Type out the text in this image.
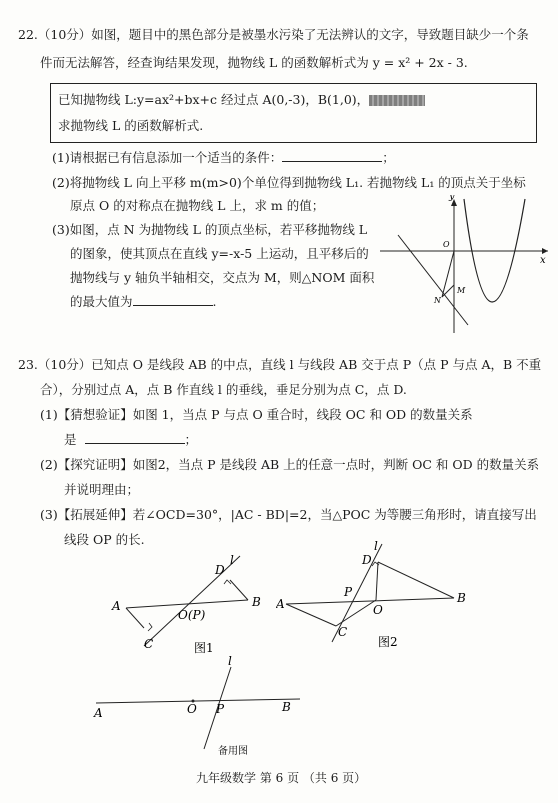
22.（10分）如图，题目中的黑色部分是被墨水污染了无法辨认的文字，导致题目缺少一个条
件而无法解答，经查询结果发现，抛物线 L 的函数解析式为 y = x² + 2x - 3.
已知抛物线 L:y=ax²+bx+c 经过点 A(0,-3)，B(1,0)，
求抛物线 L 的函数解析式.
(1)请根据已有信息添加一个适当的条件：	；
(2)将抛物线 L 向上平移 m(m>0)个单位得到抛物线 L₁. 若抛物线 L₁ 的顶点关于坐标
原点 O 的对称点在抛物线 L 上，求 m 的值；
(3)如图，点 N 为抛物线 L 的顶点坐标，若平移抛物线 L
的图象，使其顶点在直线 y=-x-5 上运动，且平移后的
抛物线与 y 轴负半轴相交，交点为 M，则△NOM 面积
的最大值为	.
y
O
x
M
N
23.（10分）已知点 O 是线段 AB 的中点，直线 l 与线段 AB 交于点 P（点 P 与点 A，B 不重
合），分别过点 A，点 B 作直线 l 的垂线，垂足分别为点 C，点 D.
(1)【猜想验证】如图 1，当点 P 与点 O 重合时，线段 OC 和 OD 的数量关系
是	；
(2)【探究证明】如图2，当点 P 是线段 AB 上的任意一点时，判断 OC 和 OD 的数量关系
并说明理由；
(3)【拓展延伸】若∠OCD=30°，|AC - BD|=2，当△POC 为等腰三角形时，请直接写出
线段 OP 的长.
l
D
A
O(P)
B
C	图1
l
D
P
A	O
B
C
图2
l
A	O P	B
备用图
九年级数学 第 6 页 （共 6 页）
